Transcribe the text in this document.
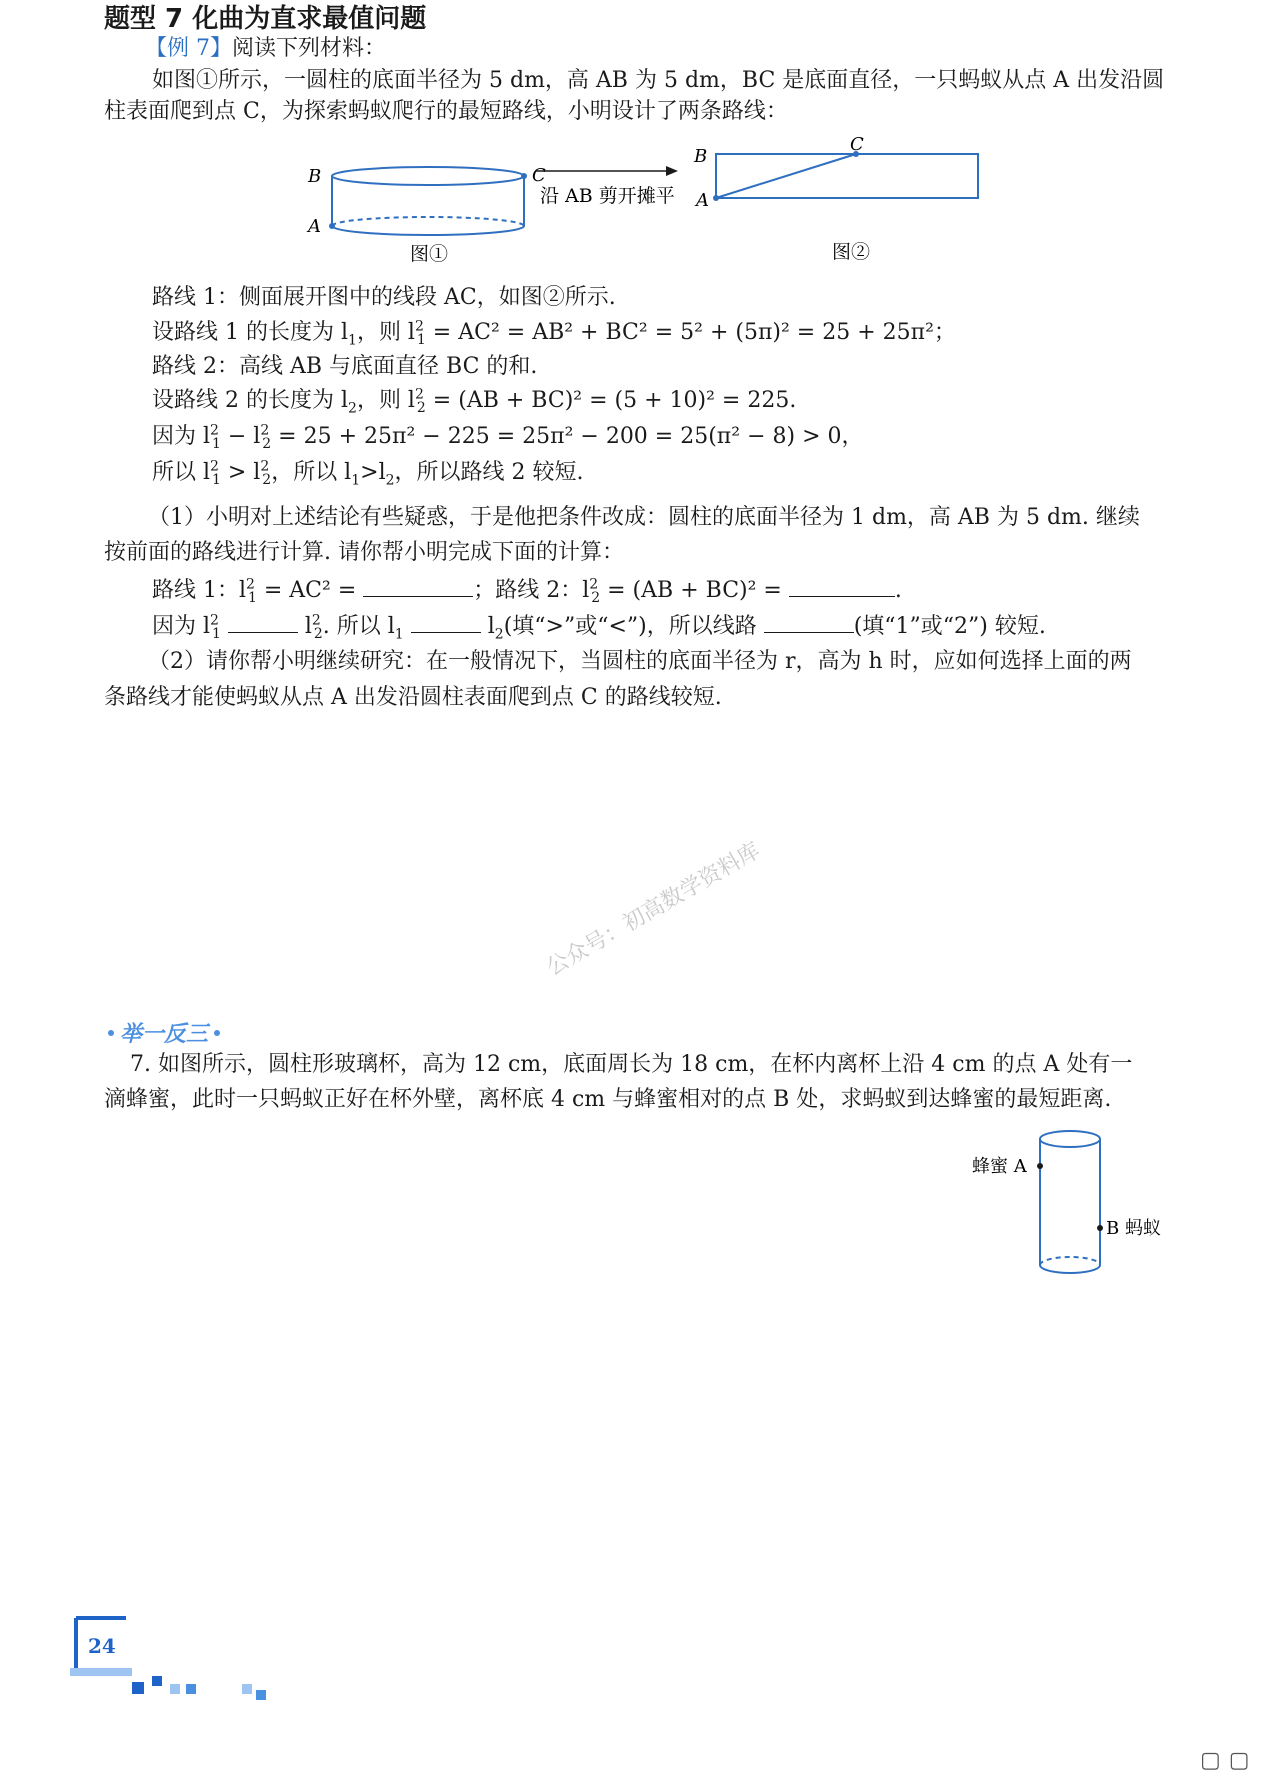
题型 7 化曲为直求最值问题
【例 7】阅读下列材料：
如图①所示，一圆柱的底面半径为 5 dm，高 AB 为 5 dm，BC 是底面直径，一只蚂蚁从点 A 出发沿圆
柱表面爬到点 C，为探索蚂蚁爬行的最短路线，小明设计了两条路线：
B	C
A
图①
沿 AB 剪开摊平
B
C
A
图②
路线 1：侧面展开图中的线段 AC，如图②所示.
设路线 1 的长度为 $l_1$，则 $l^2_1 = AC^2 = AB^2 + BC^2 = 5^2 + (5\pi)^2 = 25 + 25\pi^2$；
路线 2：高线 AB 与底面直径 BC 的和.
设路线 2 的长度为 $l_2$，则 $l^2_2 = (AB + BC)^2 = (5 + 10)^2 = 225$.
因为 $l^2_1 - l^2_2 = 25 + 25\pi^2 - 225 = 25\pi^2 - 200 = 25(\pi^2 - 8) > 0$，
所以 $l^2_1 > l^2_2$，所以 $l_1>l_2$，所以路线 2 较短.
（1）小明对上述结论有些疑惑，于是他把条件改成：圆柱的底面半径为 1 dm，高 AB 为 5 dm. 继续
按前面的路线进行计算. 请你帮小明完成下面的计算：
路线 1：$l^2_1 = AC^2$ =	；路线 2：$l^2_2 = (AB + BC)^2$ =	.
因为 $l^2_1$	$l^2_2$. 所以 $l_1$	$l_2$(填“>”或“<”)，所以线路	(填“1”或“2”) 较短.
（2）请你帮小明继续研究：在一般情况下，当圆柱的底面半径为 r，高为 h 时，应如何选择上面的两
条路线才能使蚂蚁从点 A 出发沿圆柱表面爬到点 C 的路线较短.
公众号：初高数学资料库
举一反三
7. 如图所示，圆柱形玻璃杯，高为 12 cm，底面周长为 18 cm，在杯内离杯上沿 4 cm 的点 A 处有一
滴蜂蜜，此时一只蚂蚁正好在杯外壁，离杯底 4 cm 与蜂蜜相对的点 B 处，求蚂蚁到达蜂蜜的最短距离.
蜂蜜 A
B 蚂蚁
24
▢ ▢
